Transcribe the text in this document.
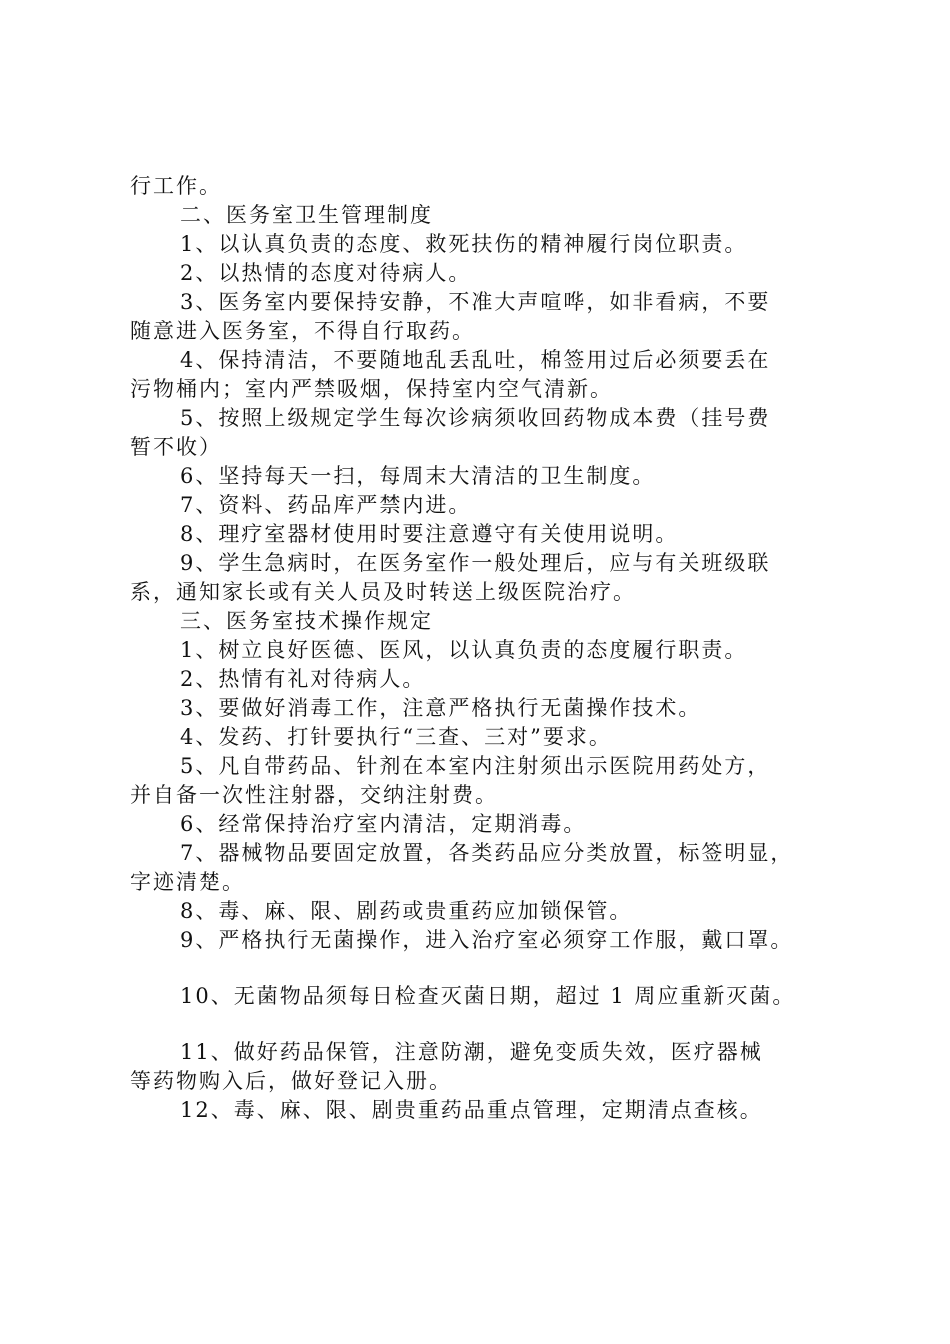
行工作。

二、医务室卫生管理制度

1、以认真负责的态度、救死扶伤的精神履行岗位职责。

2、以热情的态度对待病人。

3、医务室内要保持安静，不准大声喧哗，如非看病，不要

随意进入医务室，不得自行取药。

4、保持清洁，不要随地乱丢乱吐，棉签用过后必须要丢在

污物桶内；室内严禁吸烟，保持室内空气清新。

5、按照上级规定学生每次诊病须收回药物成本费（挂号费

暂不收）

6、坚持每天一扫，每周末大清洁的卫生制度。

7、资料、药品库严禁内进。

8、理疗室器材使用时要注意遵守有关使用说明。

9、学生急病时，在医务室作一般处理后，应与有关班级联

系，通知家长或有关人员及时转送上级医院治疗。

三、医务室技术操作规定

1、树立良好医德、医风，以认真负责的态度履行职责。

2、热情有礼对待病人。

3、要做好消毒工作，注意严格执行无菌操作技术。

4、发药、打针要执行“三查、三对”要求。

5、凡自带药品、针剂在本室内注射须出示医院用药处方，

并自备一次性注射器，交纳注射费。

6、经常保持治疗室内清洁，定期消毒。

7、器械物品要固定放置，各类药品应分类放置，标签明显，

字迹清楚。

8、毒、麻、限、剧药或贵重药应加锁保管。

9、严格执行无菌操作，进入治疗室必须穿工作服，戴口罩。

10、无菌物品须每日检查灭菌日期，超过 1 周应重新灭菌。

11、做好药品保管，注意防潮，避免变质失效，医疗器械

等药物购入后，做好登记入册。

12、毒、麻、限、剧贵重药品重点管理，定期清点查核。
